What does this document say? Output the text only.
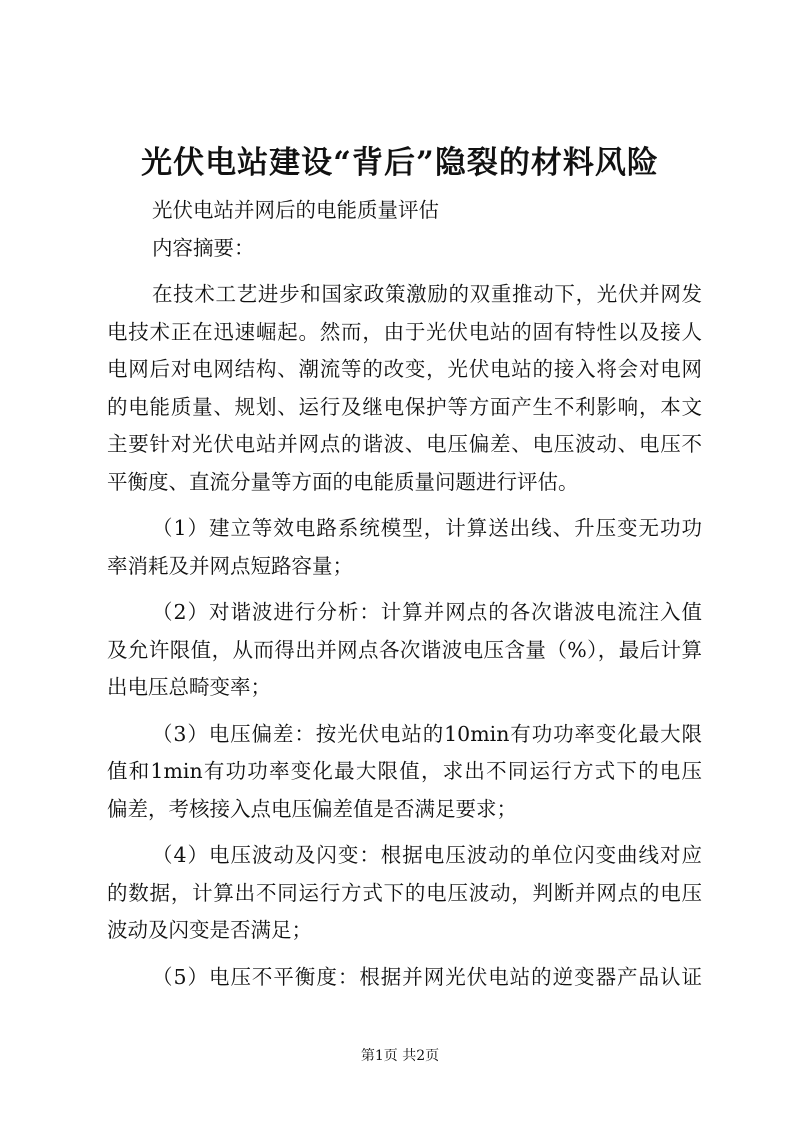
光伏电站建设“背后”隐裂的材料风险
光伏电站并网后的电能质量评估
内容摘要：
在技术工艺进步和国家政策激励的双重推动下，光伏并网发
电技术正在迅速崛起。然而，由于光伏电站的固有特性以及接人
电网后对电网结构、潮流等的改变，光伏电站的接入将会对电网
的电能质量、规划、运行及继电保护等方面产生不利影响，本文
主要针对光伏电站并网点的谐波、电压偏差、电压波动、电压不
平衡度、直流分量等方面的电能质量问题进行评估。
（1）建立等效电路系统模型，计算送出线、升压变无功功
率消耗及并网点短路容量；
（2）对谐波进行分析：计算并网点的各次谐波电流注入值
及允许限值，从而得出并网点各次谐波电压含量（%），最后计算
出电压总畸变率；
（3）电压偏差：按光伏电站的10min有功功率变化最大限
值和1min有功功率变化最大限值，求出不同运行方式下的电压
偏差，考核接入点电压偏差值是否满足要求；
（4）电压波动及闪变：根据电压波动的单位闪变曲线对应
的数据，计算出不同运行方式下的电压波动，判断并网点的电压
波动及闪变是否满足；
（5）电压不平衡度：根据并网光伏电站的逆变器产品认证
第1页 共2页
